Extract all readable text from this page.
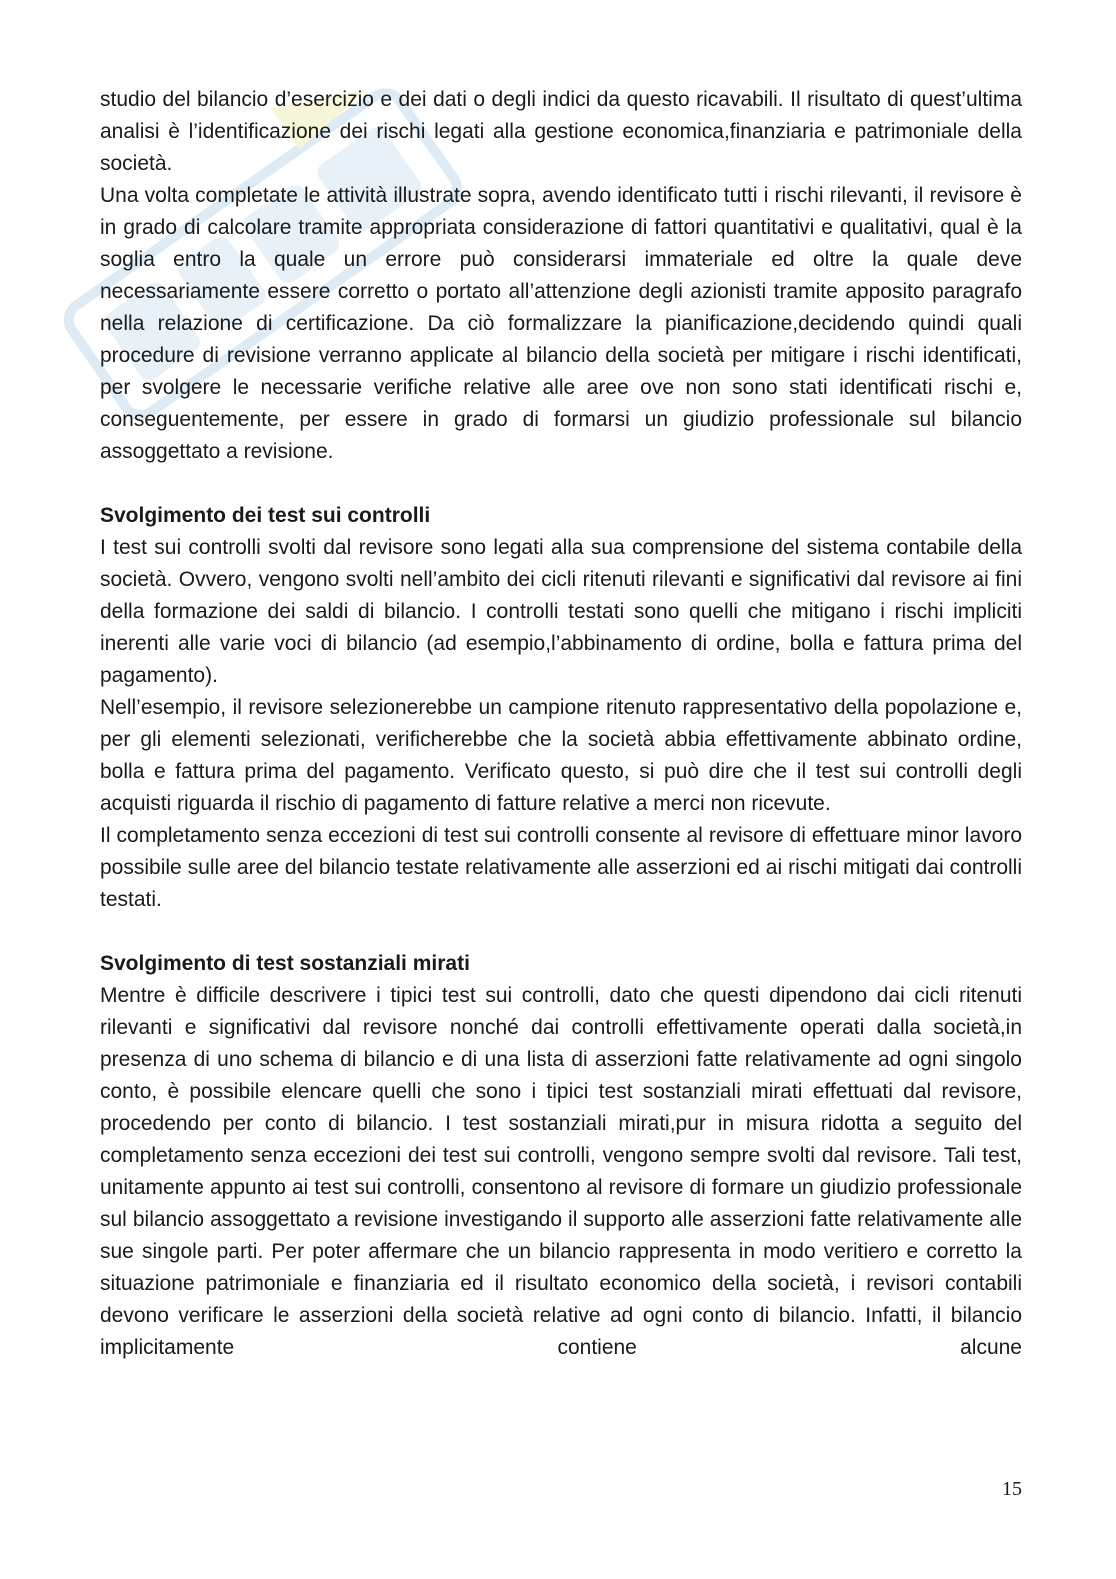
studio del bilancio d’esercizio e dei dati o degli indici da questo ricavabili. Il risultato di quest’ultima analisi è l’identificazione dei rischi legati alla gestione economica,finanziaria e patrimoniale della società.

Una volta completate le attività illustrate sopra, avendo identificato tutti i rischi rilevanti, il revisore è in grado di calcolare tramite appropriata considerazione di fattori quantitativi e qualitativi, qual è la soglia entro la quale un errore può considerarsi immateriale ed oltre la quale deve necessariamente essere corretto o portato all’attenzione degli azionisti tramite apposito paragrafo nella relazione di certificazione. Da ciò formalizzare la pianificazione,decidendo quindi quali procedure di revisione verranno applicate al bilancio della società per mitigare i rischi identificati, per svolgere le necessarie verifiche relative alle aree ove non sono stati identificati rischi e, conseguentemente, per essere in grado di formarsi un giudizio professionale sul bilancio assoggettato a revisione.

Svolgimento dei test sui controlli

I test sui controlli svolti dal revisore sono legati alla sua comprensione del sistema contabile della società. Ovvero, vengono svolti nell’ambito dei cicli ritenuti rilevanti e significativi dal revisore ai fini della formazione dei saldi di bilancio. I controlli testati sono quelli che mitigano i rischi impliciti inerenti alle varie voci di bilancio (ad esempio,l’abbinamento di ordine, bolla e fattura prima del pagamento).

Nell’esempio, il revisore selezionerebbe un campione ritenuto rappresentativo della popolazione e, per gli elementi selezionati, verificherebbe che la società abbia effettivamente abbinato ordine, bolla e fattura prima del pagamento. Verificato questo, si può dire che il test sui controlli degli acquisti riguarda il rischio di pagamento di fatture relative a merci non ricevute.

Il completamento senza eccezioni di test sui controlli consente al revisore di effettuare minor lavoro possibile sulle aree del bilancio testate relativamente alle asserzioni ed ai rischi mitigati dai controlli testati.

Svolgimento di test sostanziali mirati

Mentre è difficile descrivere i tipici test sui controlli, dato che questi dipendono dai cicli ritenuti rilevanti e significativi dal revisore nonché dai controlli effettivamente operati dalla società,in presenza di uno schema di bilancio e di una lista di asserzioni fatte relativamente ad ogni singolo conto, è possibile elencare quelli che sono i tipici test sostanziali mirati effettuati dal revisore, procedendo per conto di bilancio. I test sostanziali mirati,pur in misura ridotta a seguito del completamento senza eccezioni dei test sui controlli, vengono sempre svolti dal revisore. Tali test, unitamente appunto ai test sui controlli, consentono al revisore di formare un giudizio professionale sul bilancio assoggettato a revisione investigando il supporto alle asserzioni fatte relativamente alle sue singole parti. Per poter affermare che un bilancio rappresenta in modo veritiero e corretto la situazione patrimoniale e finanziaria ed il risultato economico della società, i revisori contabili devono verificare le asserzioni della società relative ad ogni conto di bilancio. Infatti, il bilancio implicitamente contiene alcune

15
